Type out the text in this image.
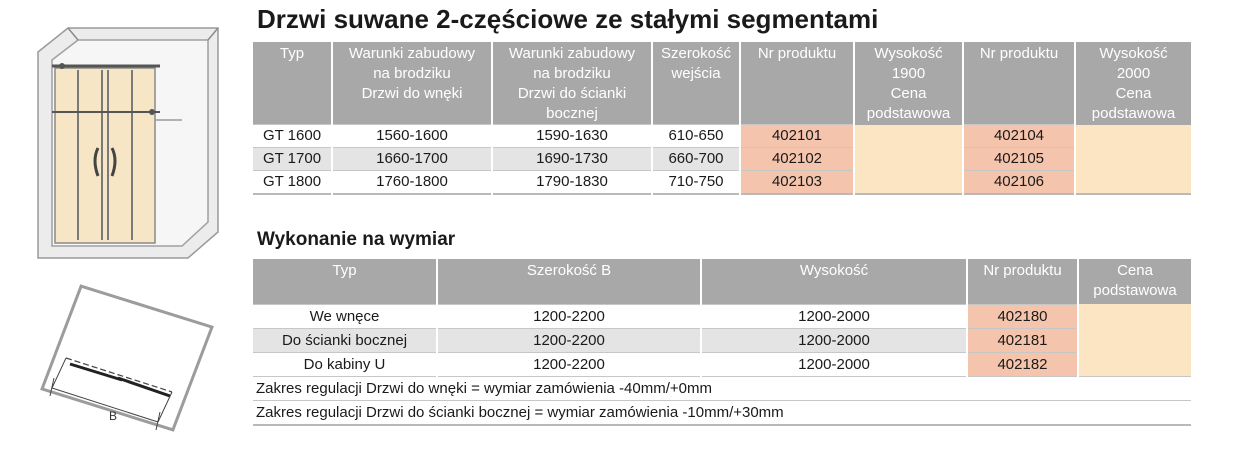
B
Drzwi suwane 2-częściowe ze stałymi segmentami
Typ	Warunki zabudowy
na brodziku
Drzwi do wnęki	Warunki zabudowy
na brodziku
Drzwi do ścianki
bocznej	Szerokość
wejścia	Nr produktu	Wysokość
1900
Cena
podstawowa	Nr produktu	Wysokość
2000
Cena
podstawowa

GT 1600	1560-1600	1590-1630	610-650	402101		402104	
GT 1700	1660-1700	1690-1730	660-700	402102		402105	
GT 1800	1760-1800	1790-1830	710-750	402103		402106	
Wykonanie na wymiar
Typ	Szerokość B	Wysokość	Nr produktu	Cena
podstawowa

We wnęce	1200-2200	1200-2000	402180	
Do ścianki bocznej	1200-2200	1200-2000	402181	
Do kabiny U	1200-2200	1200-2000	402182	
Zakres regulacji Drzwi do wnęki = wymiar zamówienia -40mm/+0mm				
Zakres regulacji Drzwi do ścianki bocznej = wymiar zamówienia -10mm/+30mm				
